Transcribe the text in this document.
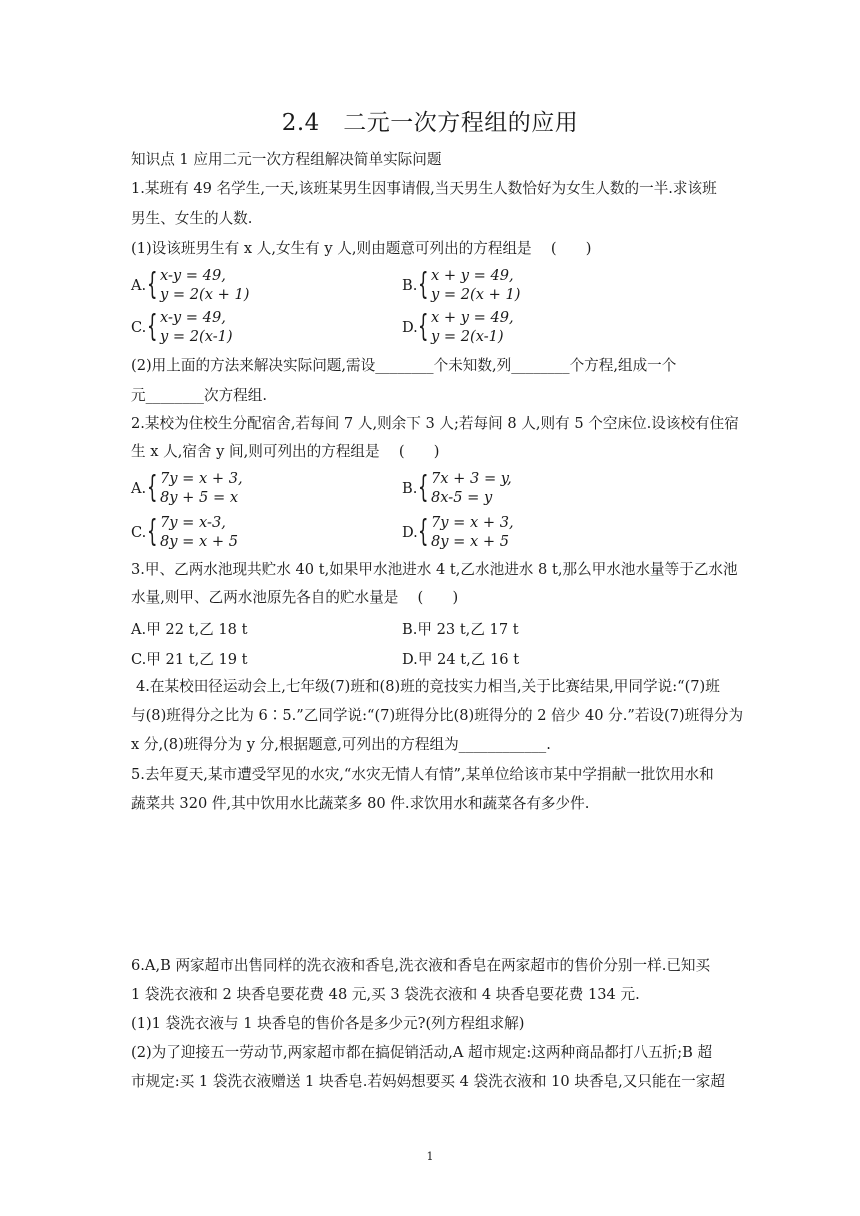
2.4　二元一次方程组的应用
知识点 1 应用二元一次方程组解决简单实际问题
1.某班有 49 名学生,一天,该班某男生因事请假,当天男生人数恰好为女生人数的一半.求该班
男生、女生的人数.
(1)设该班男生有 x 人,女生有 y 人,则由题意可列出的方程组是　 (　　)
A. { x-y = 49,
y = 2(x + 1)
B. { x + y = 49,
y = 2(x + 1)
C. { x-y = 49,
y = 2(x-1)
D. { x + y = 49,
y = 2(x-1)
(2)用上面的方法来解决实际问题,需设________个未知数,列________个方程,组成一个
元________次方程组.
2.某校为住校生分配宿舍,若每间 7 人,则余下 3 人;若每间 8 人,则有 5 个空床位.设该校有住宿
生 x 人,宿舍 y 间,则可列出的方程组是　 (　　)
A. { 7y = x + 3,
8y + 5 = x
B. { 7x + 3 = y,
8x-5 = y
C. { 7y = x-3,
8y = x + 5
D. { 7y = x + 3,
8y = x + 5
3.甲、乙两水池现共贮水 40 t,如果甲水池进水 4 t,乙水池进水 8 t,那么甲水池水量等于乙水池
水量,则甲、乙两水池原先各自的贮水量是　 (　　)
A.甲 22 t,乙 18 t	B.甲 23 t,乙 17 t
C.甲 21 t,乙 19 t	D.甲 24 t,乙 16 t
4.在某校田径运动会上,七年级(7)班和(8)班的竞技实力相当,关于比赛结果,甲同学说:“(7)班
与(8)班得分之比为 6∶5.”乙同学说:“(7)班得分比(8)班得分的 2 倍少 40 分.”若设(7)班得分为
x 分,(8)班得分为 y 分,根据题意,可列出的方程组为____________.
5.去年夏天,某市遭受罕见的水灾,“水灾无情人有情”,某单位给该市某中学捐献一批饮用水和
蔬菜共 320 件,其中饮用水比蔬菜多 80 件.求饮用水和蔬菜各有多少件.
6.A,B 两家超市出售同样的洗衣液和香皂,洗衣液和香皂在两家超市的售价分别一样.已知买
1 袋洗衣液和 2 块香皂要花费 48 元,买 3 袋洗衣液和 4 块香皂要花费 134 元.
(1)1 袋洗衣液与 1 块香皂的售价各是多少元?(列方程组求解)
(2)为了迎接五一劳动节,两家超市都在搞促销活动,A 超市规定:这两种商品都打八五折;B 超
市规定:买 1 袋洗衣液赠送 1 块香皂.若妈妈想要买 4 袋洗衣液和 10 块香皂,又只能在一家超
1
